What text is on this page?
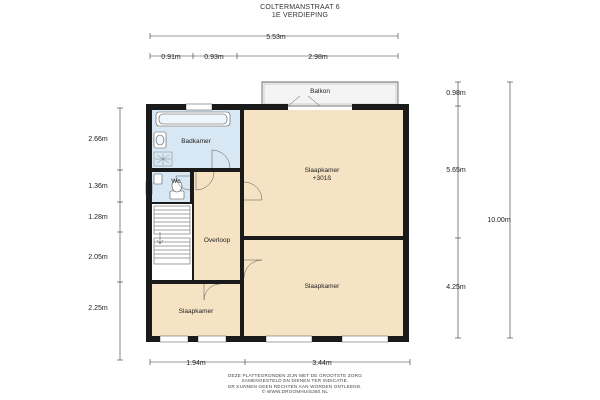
COLTERMANSTRAAT 6
1E VERDIEPING
5.53m
0.91m	0.93m	2.98m
2.66m
1.36m
1.28m
2.05m
2.25m
0.98m
5.65m
4.25m
10.00m
1.94m	3.44m
Balkon
Badkamer
Wc
Slaapkamer
+301ß
Overloop
Slaapkamer
Slaapkamer
DEZE PLATTEGRONDEN ZIJN MET DE GROOTSTE ZORG
SAMENGESTELD EN DIENEN TER INDICATIE.
ER KUNNEN GEEN RECHTEN AAN WORDEN ONTLEEND.
© WWW.DROOMHUIS360.NL
